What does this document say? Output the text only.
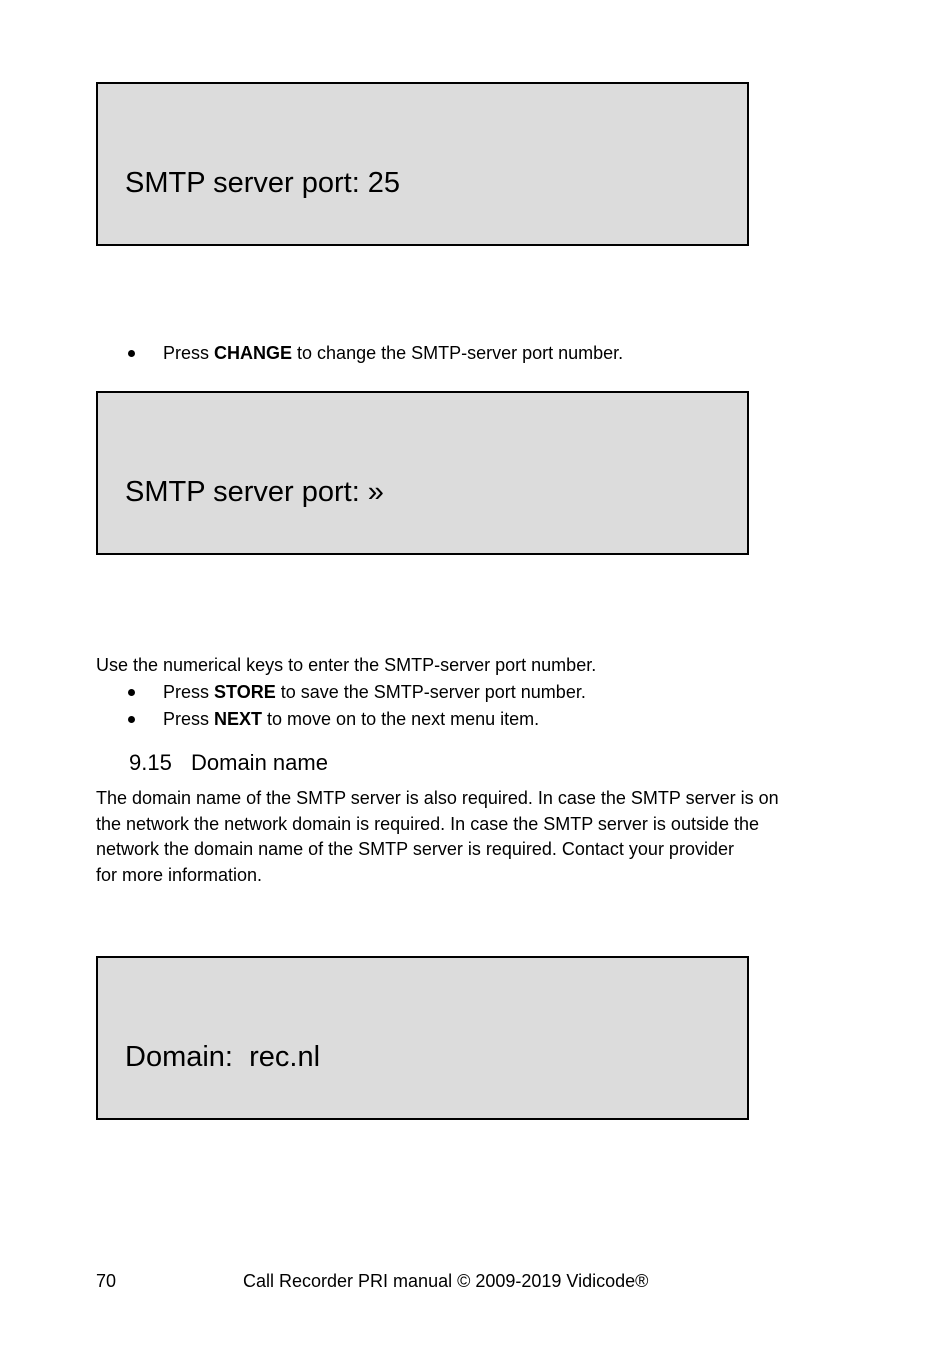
SMTP server port: 25
Press CHANGE to change the SMTP-server port number.
SMTP server port: »
Use the numerical keys to enter the SMTP-server port number.
Press STORE to save the SMTP-server port number.
Press NEXT to move on to the next menu item.
9.15 Domain name
The domain name of the SMTP server is also required. In case the SMTP server is on
the network the network domain is required. In case the SMTP server is outside the
network the domain name of the SMTP server is required. Contact your provider
for more information.
Domain:  rec.nl
70	Call Recorder PRI manual © 2009-2019 Vidicode®
